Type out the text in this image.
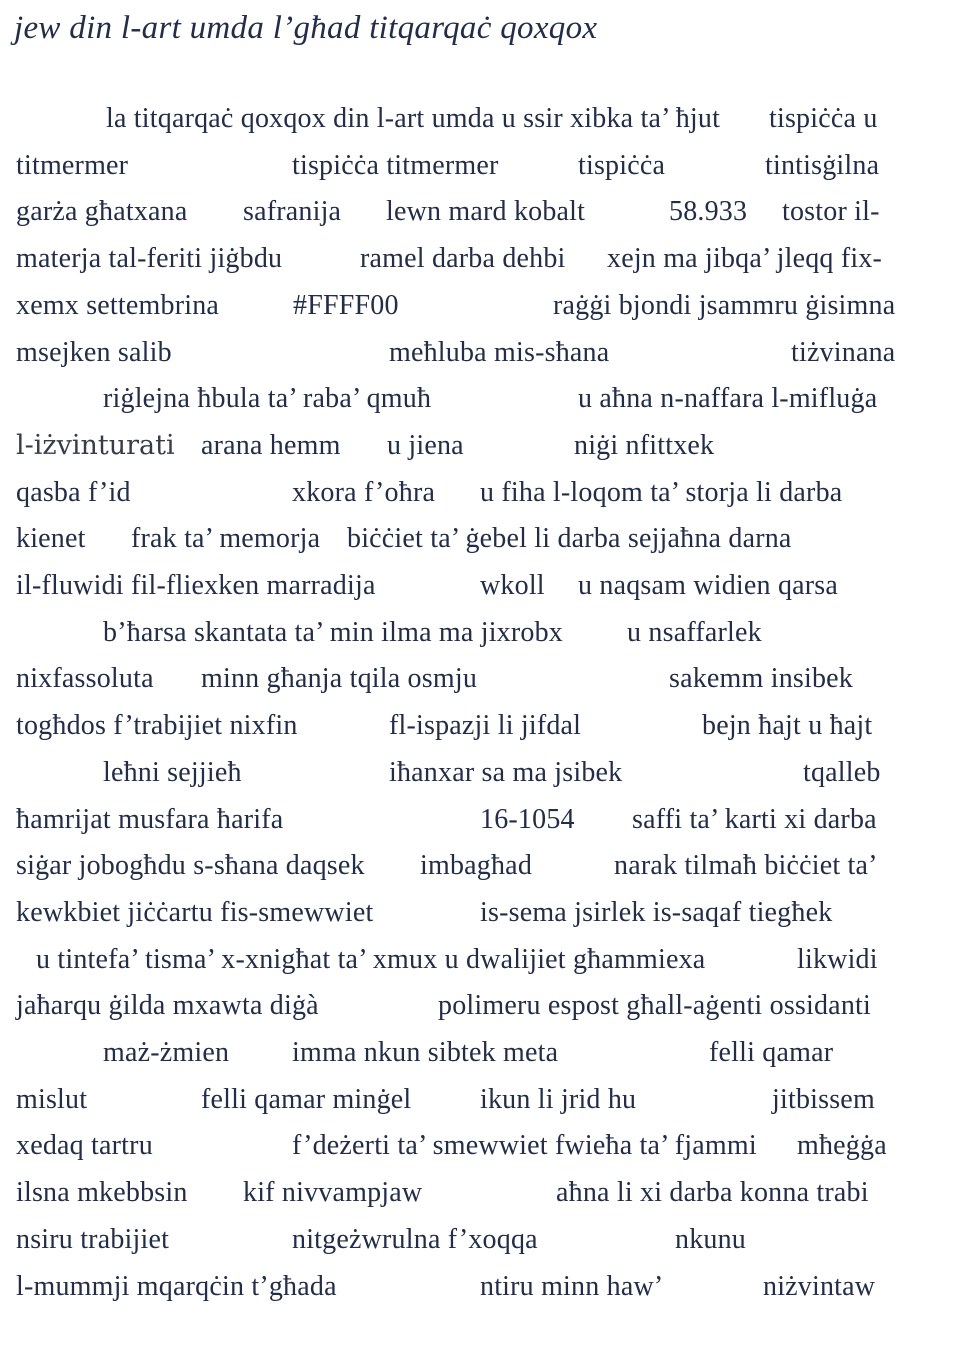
jew din l-art umda l’għad titqarqaċ qoxqox
la titqarqaċ qoxqox din l-art umda u ssir xibka ta’ ħjut tispiċċa u
titmermer	tispiċċa titmermer	tispiċċa	tintisġilna
garża għatxana safranija lewn mard kobalt	58.933 tostor il-
materja tal-feriti jiġbdu	ramel darba dehbi xejn ma jibqa’ jleqq fix-
xemx settembrina	#FFFF00	raġġi bjondi jsammru ġisimna
msejken salib	meħluba mis-sħana	tiżvinana
riġlejna ħbula ta’ raba’ qmuħ	u aħna n-naffara l-mifluġa
l-iżvinturati arana hemm u jiena	niġi nfittxek
qasba f’id	xkora f’oħra u fiha l-loqom ta’ storja li darba
kienet frak ta’ memorja biċċiet ta’ ġebel li darba sejjaħna darna
il-fluwidi fil-fliexken marradija	wkoll u naqsam widien qarsa
b’ħarsa skantata ta’ min ilma ma jixrobx u nsaffarlek
nixfassoluta minn għanja tqila osmju	sakemm insibek
togħdos f’trabijiet nixfin	fl-ispazji li jifdal	bejn ħajt u ħajt
leħni sejjieħ	iħanxar sa ma jsibek	tqalleb
ħamrijat musfara ħarifa	16-1054 saffi ta’ karti xi darba
siġar jobogħdu s-sħana daqsek imbagħad	narak tilmaħ biċċiet ta’
kewkbiet jiċċartu fis-smewwiet	is-sema jsirlek is-saqaf tiegħek
u tintefa’ tisma’ x-xnigħat ta’ xmux u dwalijiet għammiexa	likwidi
jaħarqu ġilda mxawta diġà	polimeru espost għall-aġenti ossidanti
maż-żmien imma nkun sibtek meta	felli qamar
mislut	felli qamar minġel ikun li jrid hu	jitbissem
xedaq tartru	f’deżerti ta’ smewwiet fwieħa ta’ fjammi mħeġġa
ilsna mkebbsin kif nivvampjaw	aħna li xi darba konna trabi
nsiru trabijiet	nitgeżwrulna f’xoqqa	nkunu
l-mummji mqarqċin t’għada	ntiru minn haw’	niżvintaw
